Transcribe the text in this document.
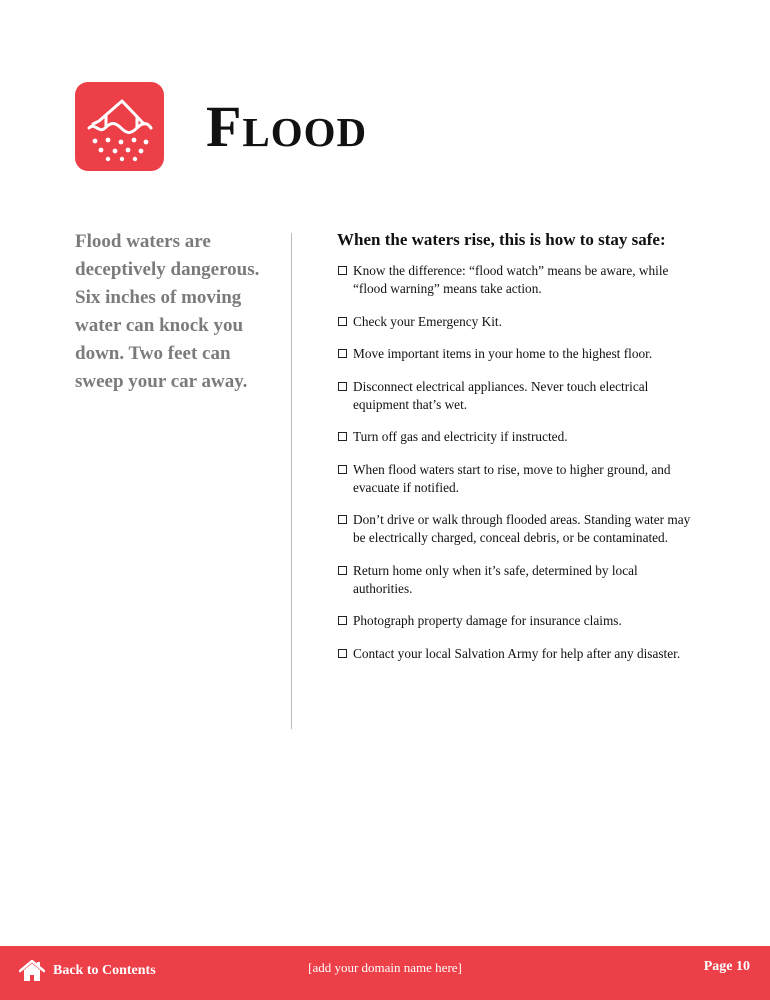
Flood
Flood waters are deceptively dangerous. Six inches of moving water can knock you down. Two feet can sweep your car away.
When the waters rise, this is how to stay safe:
Know the difference: “flood watch” means be aware, while “flood warning” means take action.
Check your Emergency Kit.
Move important items in your home to the highest floor.
Disconnect electrical appliances. Never touch electrical equipment that’s wet.
Turn off gas and electricity if instructed.
When flood waters start to rise, move to higher ground, and evacuate if notified.
Don’t drive or walk through flooded areas. Standing water may be electrically charged, conceal debris, or be contaminated.
Return home only when it’s safe, determined by local authorities.
Photograph property damage for insurance claims.
Contact your local Salvation Army for help after any disaster.
Back to Contents	[add your domain name here]	Page 10
